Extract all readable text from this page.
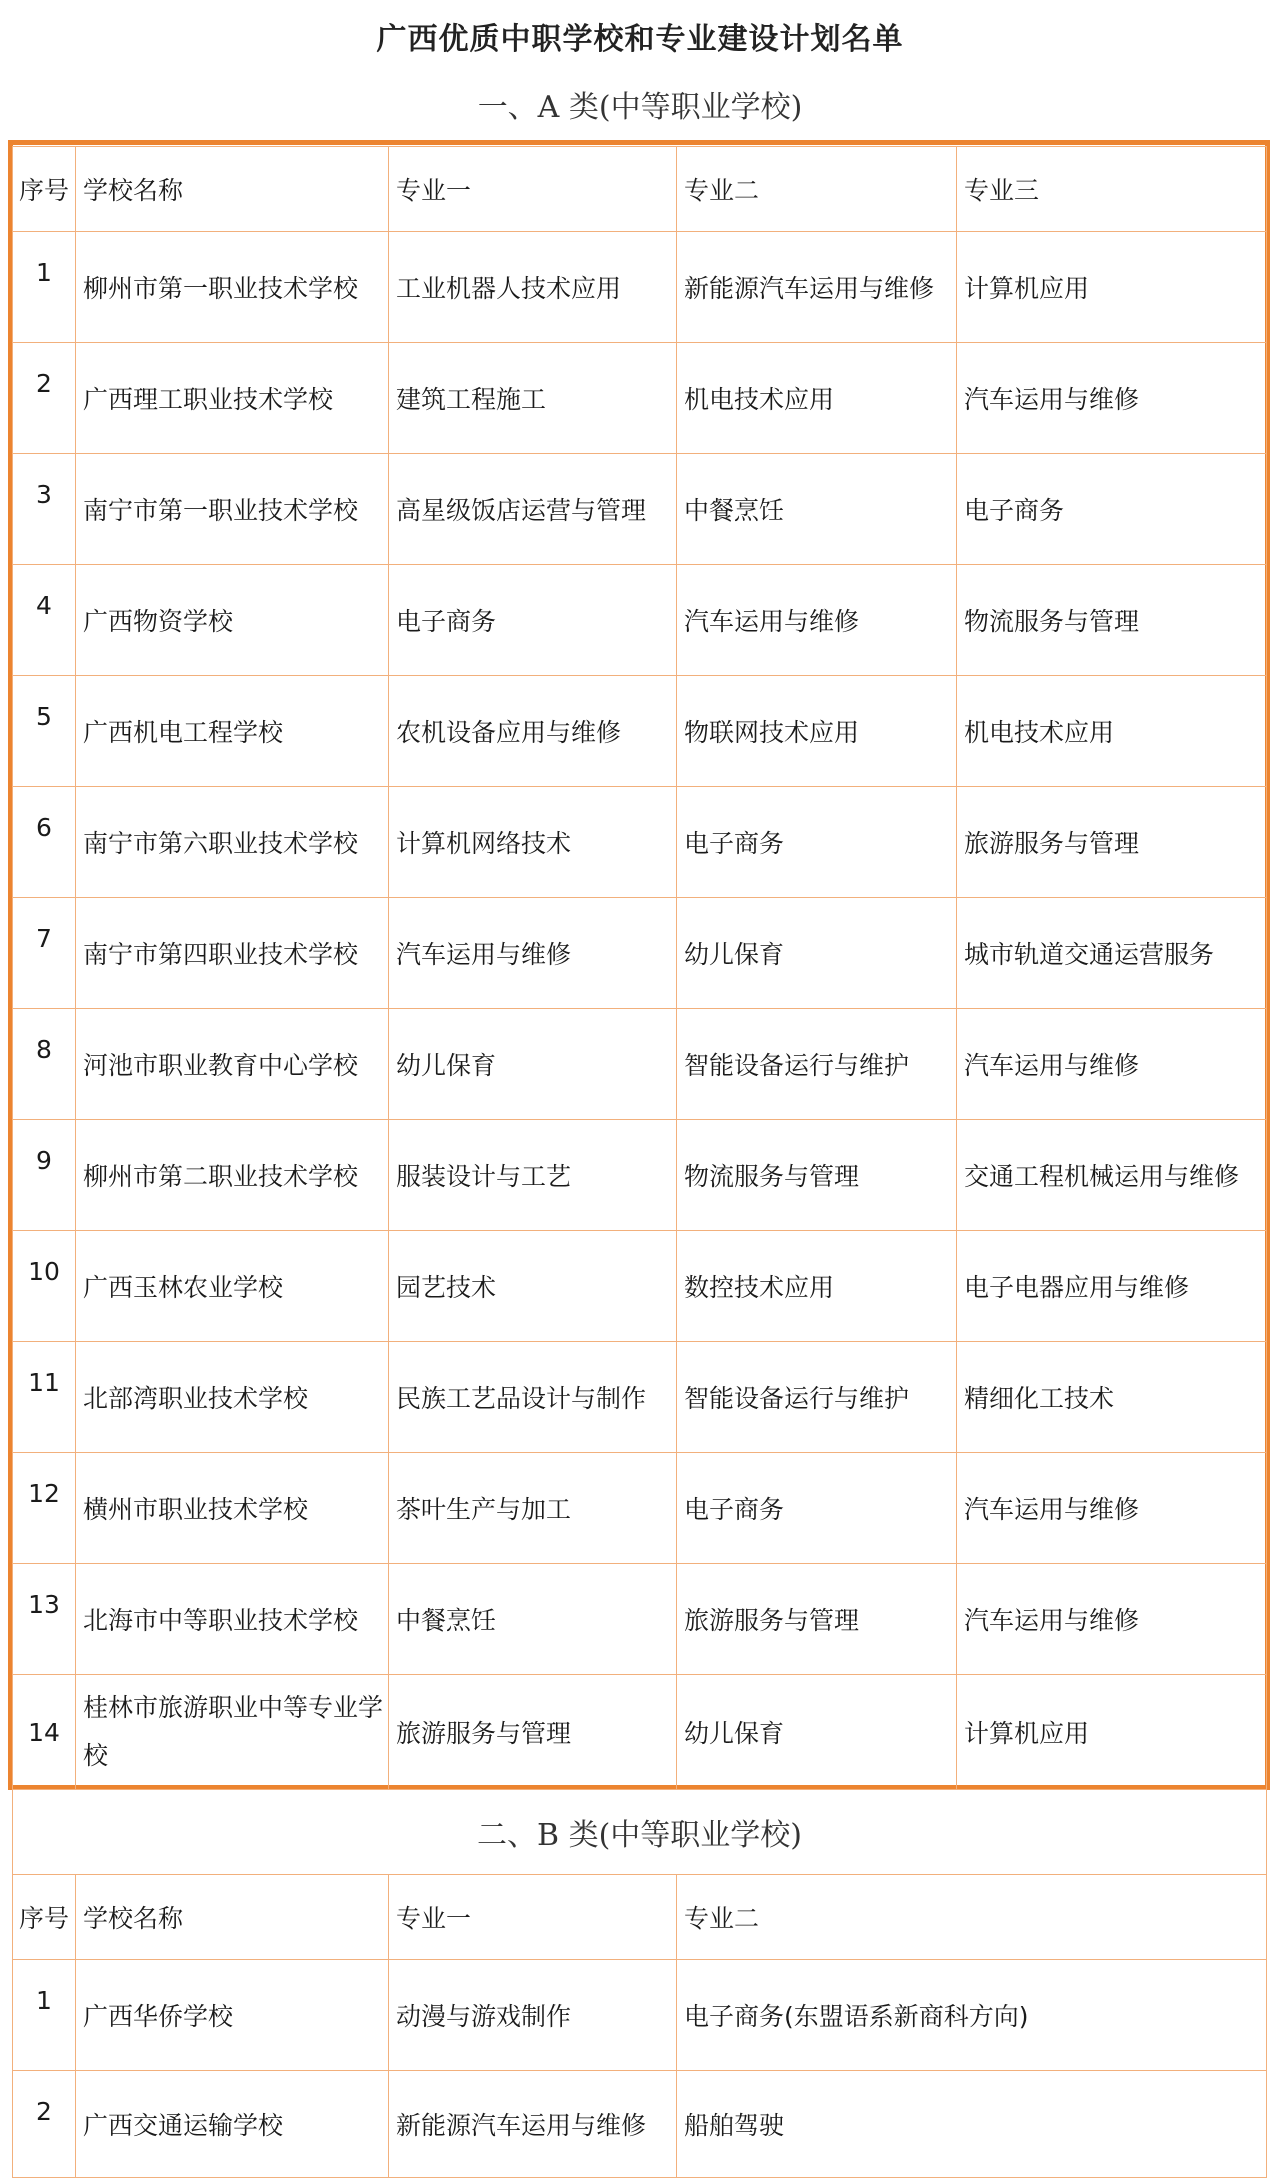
广西优质中职学校和专业建设计划名单
一、A 类(中等职业学校)
序号	学校名称	专业一	专业二	专业三
1	柳州市第一职业技术学校	工业机器人技术应用	新能源汽车运用与维修	计算机应用
2	广西理工职业技术学校	建筑工程施工	机电技术应用	汽车运用与维修
3	南宁市第一职业技术学校	高星级饭店运营与管理	中餐烹饪	电子商务
4	广西物资学校	电子商务	汽车运用与维修	物流服务与管理
5	广西机电工程学校	农机设备应用与维修	物联网技术应用	机电技术应用
6	南宁市第六职业技术学校	计算机网络技术	电子商务	旅游服务与管理
7	南宁市第四职业技术学校	汽车运用与维修	幼儿保育	城市轨道交通运营服务
8	河池市职业教育中心学校	幼儿保育	智能设备运行与维护	汽车运用与维修
9	柳州市第二职业技术学校	服装设计与工艺	物流服务与管理	交通工程机械运用与维修
10	广西玉林农业学校	园艺技术	数控技术应用	电子电器应用与维修
11	北部湾职业技术学校	民族工艺品设计与制作	智能设备运行与维护	精细化工技术
12	横州市职业技术学校	茶叶生产与加工	电子商务	汽车运用与维修
13	北海市中等职业技术学校	中餐烹饪	旅游服务与管理	汽车运用与维修
14	桂林市旅游职业中等专业学校	旅游服务与管理	幼儿保育	计算机应用
二、B 类(中等职业学校)				
序号	学校名称	专业一	专业二	
1	广西华侨学校	动漫与游戏制作	电子商务(东盟语系新商科方向)	
2	广西交通运输学校	新能源汽车运用与维修	船舶驾驶	
